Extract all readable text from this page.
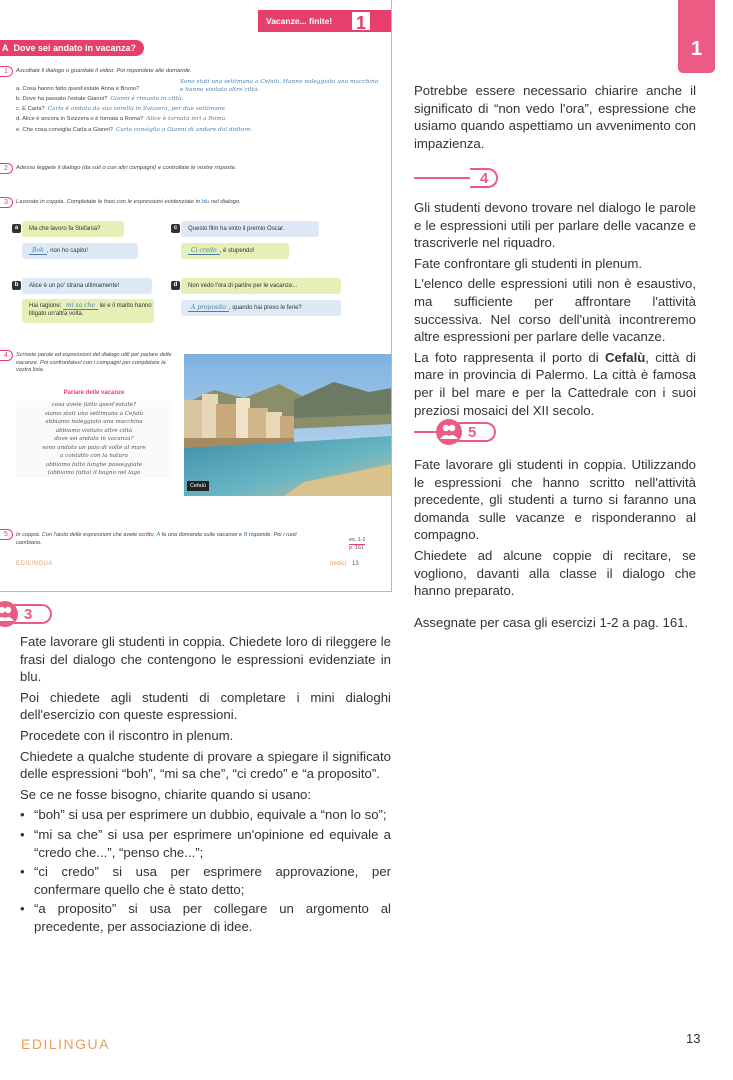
Vacanze... finite!	1
A Dove sei andato in vacanza?
1	Ascoltate il dialogo o guardate il video. Poi rispondete alle domande.
Sono stati una settimana a Cefalù. Hanno noleggiato una macchina e hanno visitato altre città.
a. Cosa hanno fatto quest'estate Anna e Bruno?
b. Dove ha passato l'estate Gianni? Gianni è rimasto in città.
c. E Carla? Carla è andata da sua sorella in Svizzera, per due settimane.
d. Alice è ancora in Svizzera o è tornata a Roma? Alice è tornata ieri a Roma.
e. Che cosa consiglia Carla a Gianni? Carla consiglia a Gianni di andare dal dottore.
2	Adesso leggete il dialogo (da soli o con altri compagni) e controllate le vostre risposte.
3	Lavorate in coppia. Completate le frasi con le espressioni evidenziate in blu nel dialogo.
a	Ma che lavoro fa Stefania?
Boh , non ho capito!
c	Questo film ha vinto il premio Oscar.
Ci credo , è stupendo!
b	Alice è un po' strana ultimamente!
Hai ragione: mi sa che lei e il marito hanno litigato un'altra volta.
d	Non vedo l'ora di partire per le vacanze...
A proposito , quando hai preso le ferie?
4	Scrivete parole ed espressioni del dialogo utili per parlare delle vacanze. Poi confrontatevi con i compagni per completare la vostra lista.
Parlare delle vacanze
cosa avete fatto quest'estate?
siamo stati una settimana a Cefalù
abbiamo noleggiato una macchina
abbiamo visitato altre città
dove sei andato in vacanza?
sono andato un paio di volte al mare
a contatto con la natura
abbiamo fatto lunghe passeggiate
(abbiamo fatto) il bagno nel lago
Cefalù
5	In coppia. Con l'aiuto delle espressioni che avete scritto, A fa una domanda sulle vacanze e B risponde. Poi i ruoli cambiano.	es. 1-2
p. 161
EDILINGUA	tredici 13
1

Potrebbe essere necessario chiarire anche il significato di “non vedo l'ora”, espressione che usiamo quando aspettiamo un avvenimento con impazienza.

4

Gli studenti devono trovare nel dialogo le parole e le espressioni utili per parlare delle vacanze e trascriverle nel riquadro.

Fate confrontare gli studenti in plenum.

L'elenco delle espressioni utili non è esaustivo, ma sufficiente per affrontare l'attività successiva. Nel corso dell'unità incontreremo altre espressioni per parlare delle vacanze.

La foto rappresenta il porto di Cefalù, città di mare in provincia di Palermo. La città è famosa per il bel mare e per la Cattedrale con i suoi preziosi mosaici del XII secolo.

5

Fate lavorare gli studenti in coppia. Utilizzando le espressioni che hanno scritto nell'attività precedente, gli studenti a turno si faranno una domanda sulle vacanze e risponderanno al compagno.

Chiedete ad alcune coppie di recitare, se vogliono, davanti alla classe il dialogo che hanno preparato.

Assegnate per casa gli esercizi 1-2 a pag. 161.

3

Fate lavorare gli studenti in coppia. Chiedete loro di rileggere le frasi del dialogo che contengono le espressioni evidenziate in blu.

Poi chiedete agli studenti di completare i mini dialoghi dell'esercizio con queste espressioni.

Procedete con il riscontro in plenum.

Chiedete a qualche studente di provare a spiegare il significato delle espressioni “boh”, “mi sa che”, “ci credo” e “a proposito”.

Se ce ne fosse bisogno, chiarite quando si usano:

• “boh” si usa per esprimere un dubbio, equivale a “non lo so”;
• “mi sa che” si usa per esprimere un'opinione ed equivale a “credo che...”, “penso che...”;
• “ci credo” si usa per esprimere approvazione, per confermare quello che è stato detto;
• “a proposito” si usa per collegare un argomento al precedente, per associazione di idee.
EDILINGUA	13
